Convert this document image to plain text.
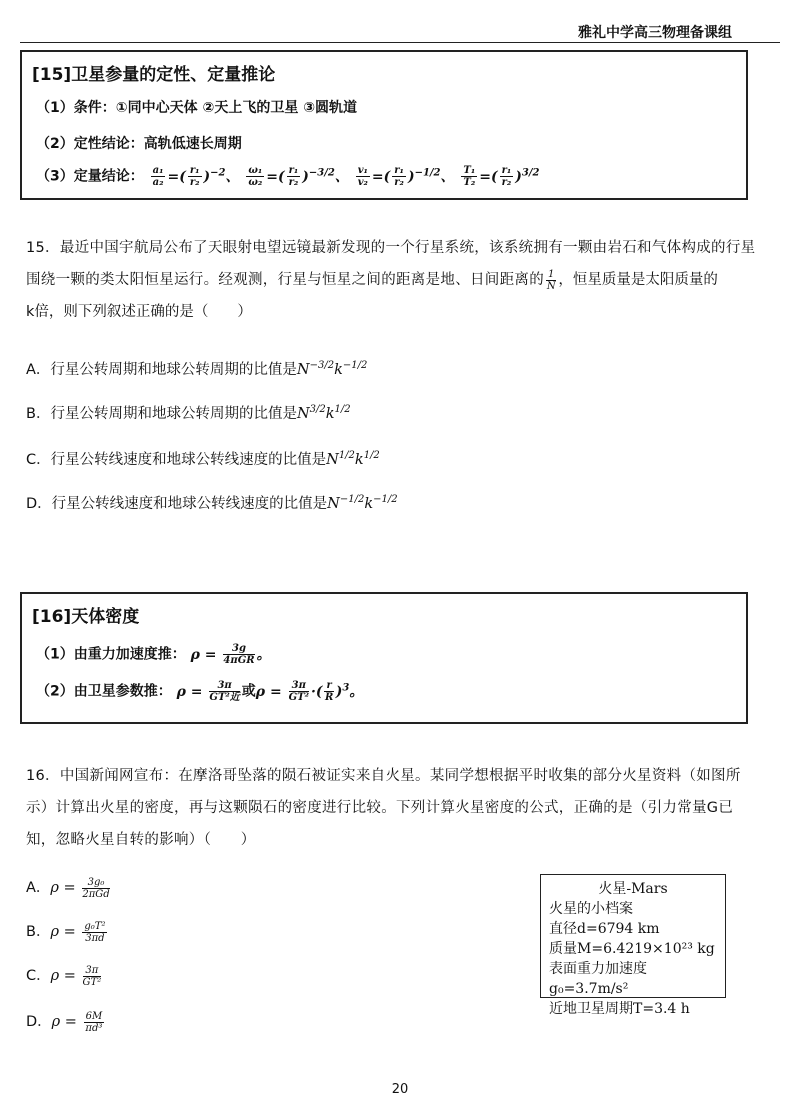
雅礼中学高三物理备课组
[15]卫星参量的定性、定量推论
（1）条件：①同中心天体 ②天上飞的卫星 ③圆轨道
（2）定性结论：高轨低速长周期
（3）定量结论： $\frac{\text{a₁}}{\text{a₂}}$ =( $\frac{\text{r₁}}{\text{r₂}} )^{-2}$、 $\frac{\text{ω₁}}{\text{ω₂}}$ =( $\frac{\text{r₁}}{\text{r₂}} )^{-3/2}$、 $\frac{\text{v₁}}{\text{v₂}}$ =( $\frac{\text{r₁}}{\text{r₂}} )^{-1/2}$、 $\frac{\text{T₁}}{\text{T₂}}$ =( $\frac{\text{r₁}}{\text{r₂}} )^{3/2}$
15．最近中国宇航局公布了天眼射电望远镜最新发现的一个行星系统，该系统拥有一颗由岩石和气体构成的行星围绕一颗的类太阳恒星运行。经观测，行星与恒星之间的距离是地、日间距离的 $\frac{1}{N}$ ，恒星质量是太阳质量的
k倍，则下列叙述正确的是（　　）
A．行星公转周期和地球公转周期的比值是$N^{-3/2}k^{-1/2}$
B．行星公转周期和地球公转周期的比值是$N^{3/2}k^{1/2}$
C．行星公转线速度和地球公转线速度的比值是$N^{1/2}k^{1/2}$
D．行星公转线速度和地球公转线速度的比值是$N^{-1/2}k^{-1/2}$
[16]天体密度
（1）由重力加速度推： $\rho = \frac{3g}{\text{4πGR}}$ 。
（2）由卫星参数推： $\rho = \frac{3\pi}{\text{GT²近}}$ 或$\rho = \frac{3\pi}{\text{GT²}}$ ·( $\frac{r}{R} )^3$。
16．中国新闻网宣布：在摩洛哥坠落的陨石被证实来自火星。某同学想根据平时收集的部分火星资料（如图所示）计算出火星的密度，再与这颗陨石的密度进行比较。下列计算火星密度的公式，正确的是（引力常量G已知，忽略火星自转的影响）（　　）
A．$\rho = \frac{\text{3g₀}}{\text{2πGd}}$
B．$\rho = \frac{\text{g₀T²}}{3\pi d}$
C．$\rho = \frac{3\pi}{\text{GT²}}$
D．$\rho = \frac{6M}{\text{πd³}}$
火星-Mars
火星的小档案
直径d=6794 km
质量M=6.4219×10²³ kg
表面重力加速度g₀=3.7m/s²
近地卫星周期T=3.4 h
20
